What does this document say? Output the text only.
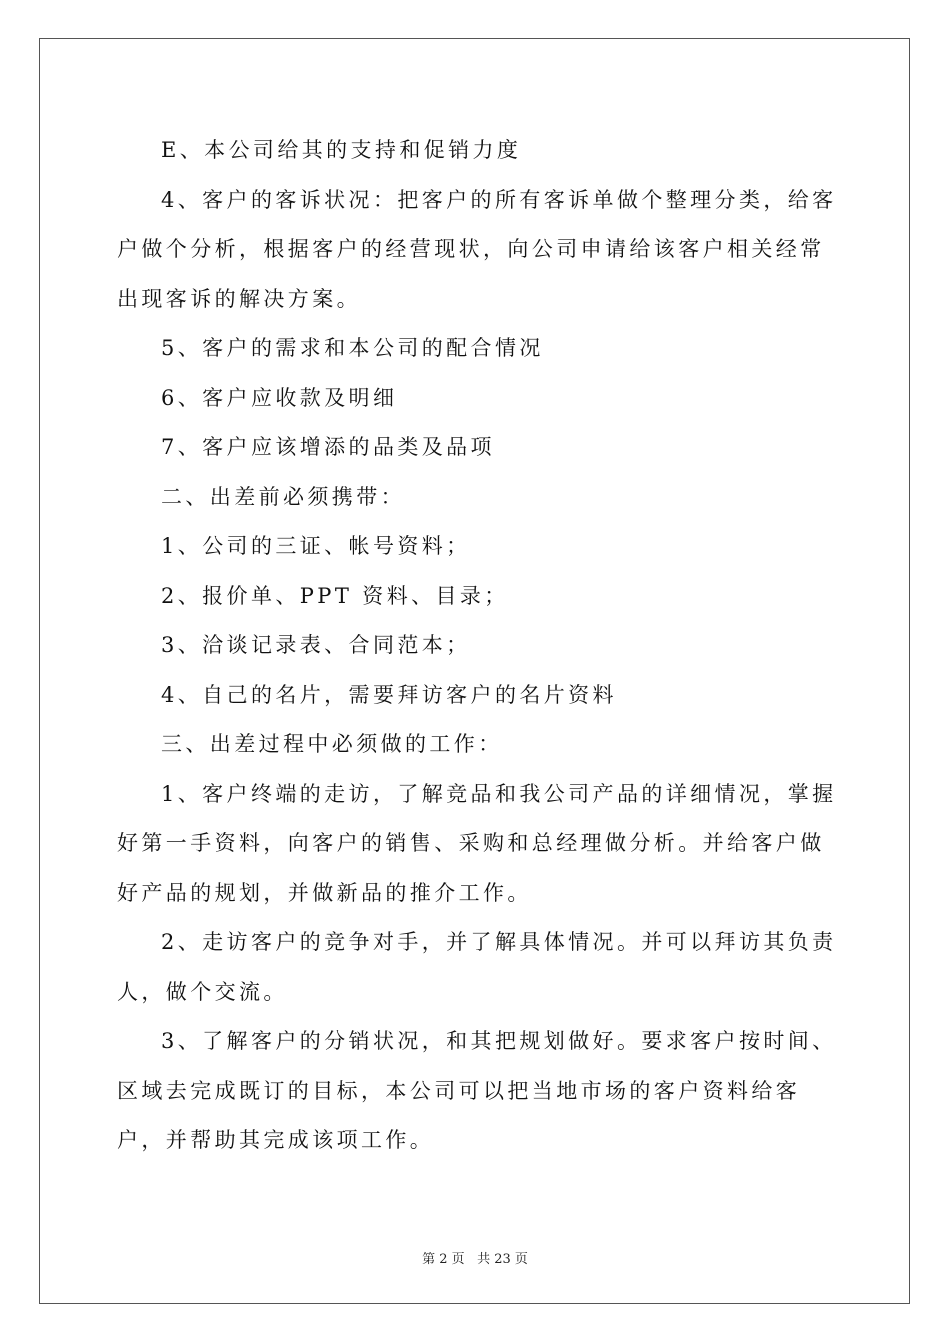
E、本公司给其的支持和促销力度

4、客户的客诉状况：把客户的所有客诉单做个整理分类，给客户做个分析，根据客户的经营现状，向公司申请给该客户相关经常出现客诉的解决方案。

5、客户的需求和本公司的配合情况

6、客户应收款及明细

7、客户应该增添的品类及品项

二、出差前必须携带：

1、公司的三证、帐号资料；

2、报价单、PPT 资料、目录；

3、洽谈记录表、合同范本；

4、自己的名片，需要拜访客户的名片资料

三、出差过程中必须做的工作：

1、客户终端的走访，了解竞品和我公司产品的详细情况，掌握好第一手资料，向客户的销售、采购和总经理做分析。并给客户做好产品的规划，并做新品的推介工作。

2、走访客户的竞争对手，并了解具体情况。并可以拜访其负责人，做个交流。

3、了解客户的分销状况，和其把规划做好。要求客户按时间、区域去完成既订的目标，本公司可以把当地市场的客户资料给客户，并帮助其完成该项工作。

第 2 页 共 23 页
